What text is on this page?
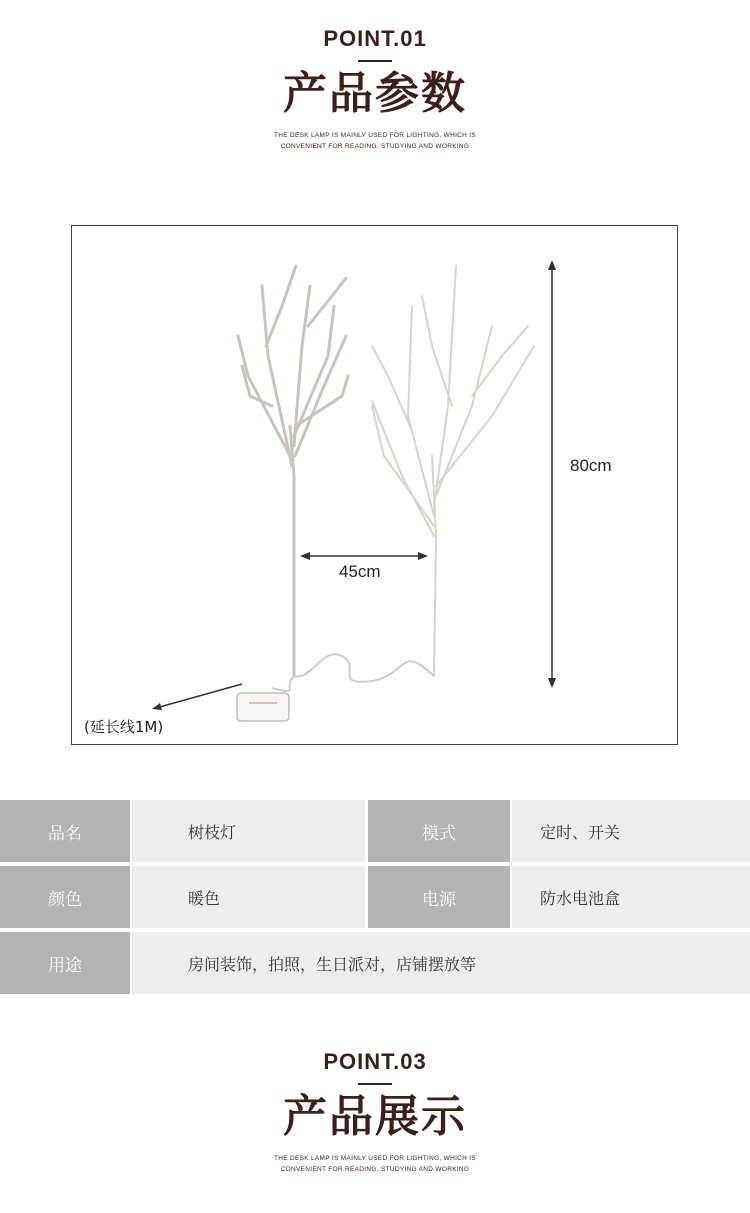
POINT.01
产品参数
THE DESK LAMP IS MAINLY USED FOR LIGHTING, WHICH IS
CONVENIENT FOR READING, STUDYING AND WORKING
80cm
45cm
(延长线1M)
品名	树枝灯	模式	定时、开关
颜色	暖色	电源	防水电池盒
用途	房间装饰，拍照，生日派对，店铺摆放等
POINT.03
产品展示
THE DESK LAMP IS MAINLY USED FOR LIGHTING, WHICH IS
CONVENIENT FOR READING, STUDYING AND WORKING
